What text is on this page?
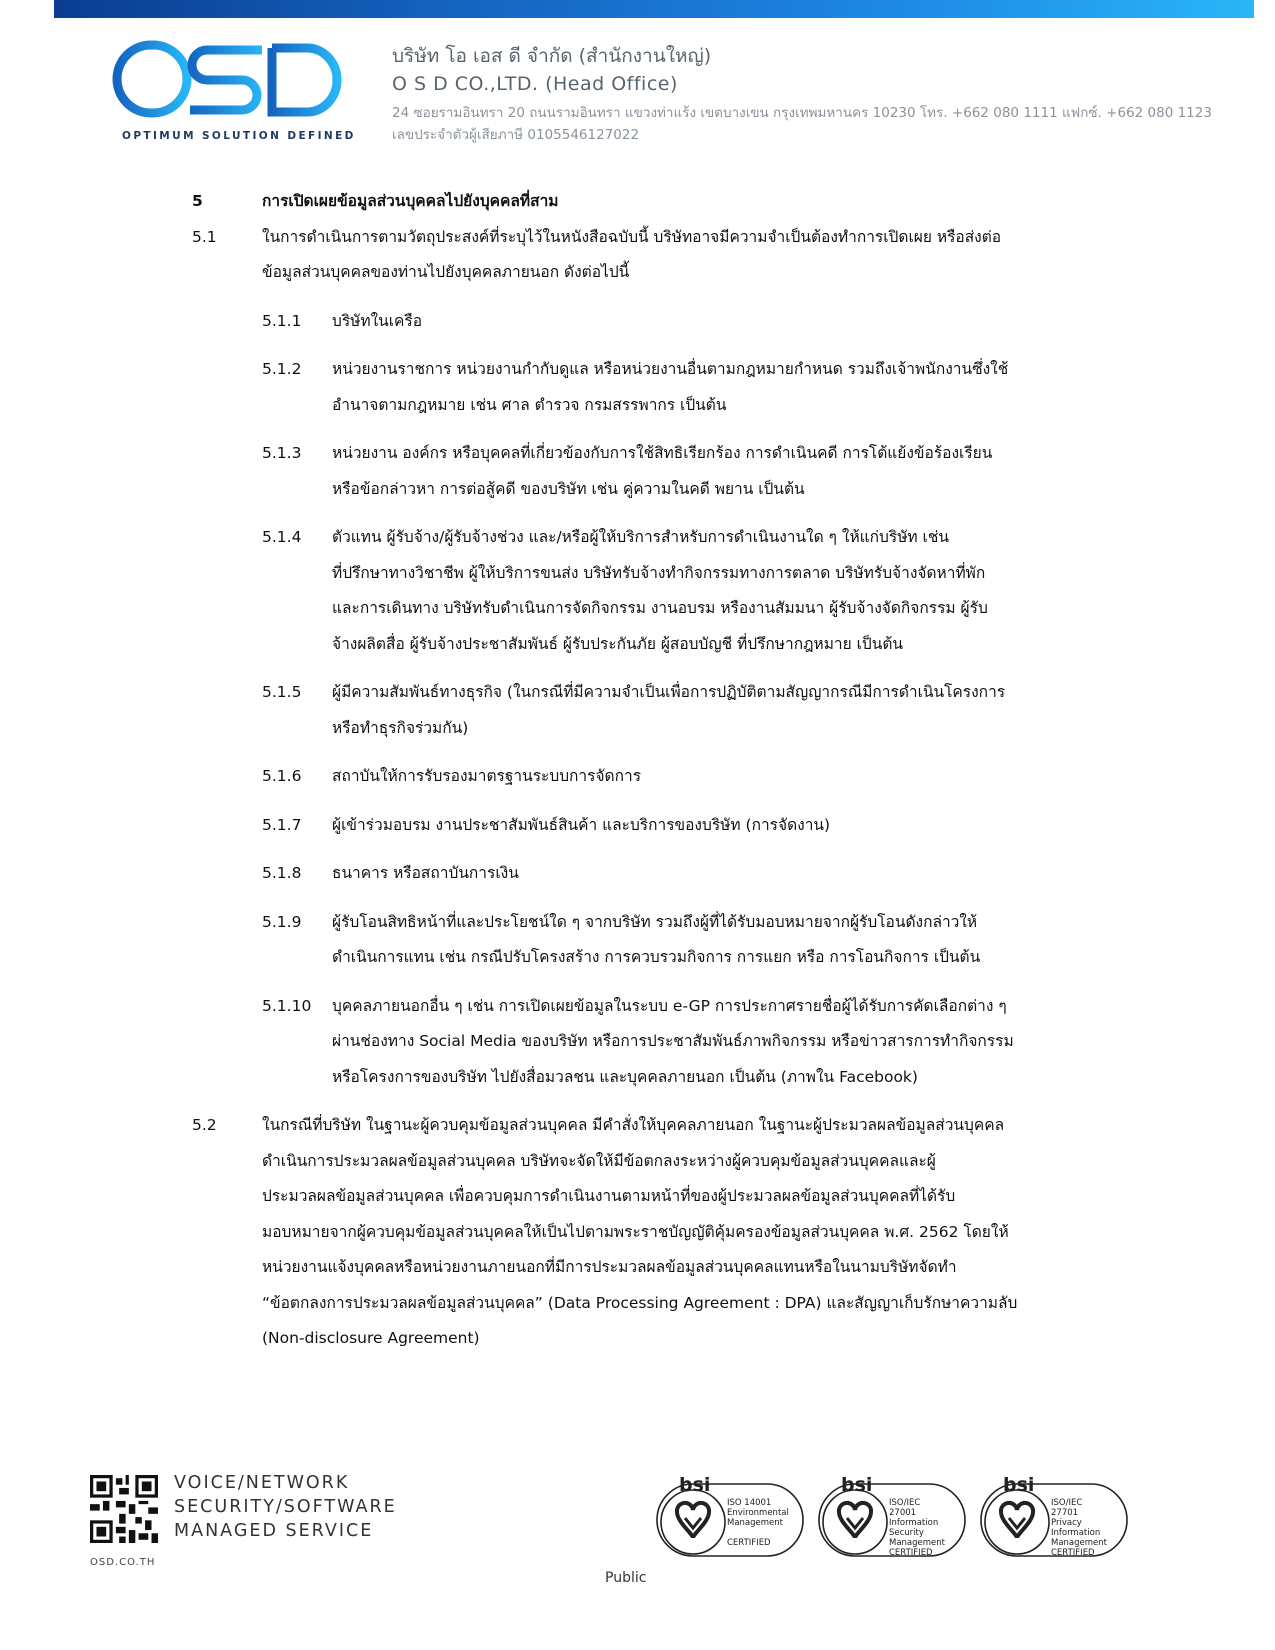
OPTIMUM SOLUTION DEFINED
บริษัท โอ เอส ดี จำกัด (สำนักงานใหญ่)
O S D CO.,LTD. (Head Office)
24 ซอยรามอินทรา 20 ถนนรามอินทรา แขวงท่าแร้ง เขตบางเขน กรุงเทพมหานคร 10230 โทร. +662 080 1111 แฟกซ์. +662 080 1123
เลขประจำตัวผู้เสียภาษี 0105546127022
5	การเปิดเผยข้อมูลส่วนบุคคลไปยังบุคคลที่สาม
5.1	ในการดำเนินการตามวัตถุประสงค์ที่ระบุไว้ในหนังสือฉบับนี้ บริษัทอาจมีความจำเป็นต้องทำการเปิดเผย หรือส่งต่อ
ข้อมูลส่วนบุคคลของท่านไปยังบุคคลภายนอก ดังต่อไปนี้
5.1.1	บริษัทในเครือ
5.1.2	หน่วยงานราชการ หน่วยงานกำกับดูแล หรือหน่วยงานอื่นตามกฎหมายกำหนด รวมถึงเจ้าพนักงานซึ่งใช้
อำนาจตามกฎหมาย เช่น ศาล ตำรวจ กรมสรรพากร เป็นต้น
5.1.3	หน่วยงาน องค์กร หรือบุคคลที่เกี่ยวข้องกับการใช้สิทธิเรียกร้อง การดำเนินคดี การโต้แย้งข้อร้องเรียน
หรือข้อกล่าวหา การต่อสู้คดี ของบริษัท เช่น คู่ความในคดี พยาน เป็นต้น
5.1.4	ตัวแทน ผู้รับจ้าง/ผู้รับจ้างช่วง และ/หรือผู้ให้บริการสำหรับการดำเนินงานใด ๆ ให้แก่บริษัท เช่น
ที่ปรึกษาทางวิชาชีพ ผู้ให้บริการขนส่ง บริษัทรับจ้างทำกิจกรรมทางการตลาด บริษัทรับจ้างจัดหาที่พัก
และการเดินทาง บริษัทรับดำเนินการจัดกิจกรรม งานอบรม หรืองานสัมมนา ผู้รับจ้างจัดกิจกรรม ผู้รับ
จ้างผลิตสื่อ ผู้รับจ้างประชาสัมพันธ์ ผู้รับประกันภัย ผู้สอบบัญชี ที่ปรึกษากฎหมาย เป็นต้น
5.1.5	ผู้มีความสัมพันธ์ทางธุรกิจ (ในกรณีที่มีความจำเป็นเพื่อการปฏิบัติตามสัญญากรณีมีการดำเนินโครงการ
หรือทำธุรกิจร่วมกัน)
5.1.6	สถาบันให้การรับรองมาตรฐานระบบการจัดการ
5.1.7	ผู้เข้าร่วมอบรม งานประชาสัมพันธ์สินค้า และบริการของบริษัท (การจัดงาน)
5.1.8	ธนาคาร หรือสถาบันการเงิน
5.1.9	ผู้รับโอนสิทธิหน้าที่และประโยชน์ใด ๆ จากบริษัท รวมถึงผู้ที่ได้รับมอบหมายจากผู้รับโอนดังกล่าวให้
ดำเนินการแทน เช่น กรณีปรับโครงสร้าง การควบรวมกิจการ การแยก หรือ การโอนกิจการ เป็นต้น
5.1.10	บุคคลภายนอกอื่น ๆ เช่น การเปิดเผยข้อมูลในระบบ e-GP การประกาศรายชื่อผู้ได้รับการคัดเลือกต่าง ๆ
ผ่านช่องทาง Social Media ของบริษัท หรือการประชาสัมพันธ์ภาพกิจกรรม หรือข่าวสารการทำกิจกรรม
หรือโครงการของบริษัท ไปยังสื่อมวลชน และบุคคลภายนอก เป็นต้น (ภาพใน Facebook)
5.2	ในกรณีที่บริษัท ในฐานะผู้ควบคุมข้อมูลส่วนบุคคล มีคำสั่งให้บุคคลภายนอก ในฐานะผู้ประมวลผลข้อมูลส่วนบุคคล
ดำเนินการประมวลผลข้อมูลส่วนบุคคล บริษัทจะจัดให้มีข้อตกลงระหว่างผู้ควบคุมข้อมูลส่วนบุคคลและผู้
ประมวลผลข้อมูลส่วนบุคคล เพื่อควบคุมการดำเนินงานตามหน้าที่ของผู้ประมวลผลข้อมูลส่วนบุคคลที่ได้รับ
มอบหมายจากผู้ควบคุมข้อมูลส่วนบุคคลให้เป็นไปตามพระราชบัญญัติคุ้มครองข้อมูลส่วนบุคคล พ.ศ. 2562 โดยให้
หน่วยงานแจ้งบุคคลหรือหน่วยงานภายนอกที่มีการประมวลผลข้อมูลส่วนบุคคลแทนหรือในนามบริษัทจัดทำ
“ข้อตกลงการประมวลผลข้อมูลส่วนบุคคล” (Data Processing Agreement : DPA) และสัญญาเก็บรักษาความลับ
(Non-disclosure Agreement)
VOICE/NETWORK
SECURITY/SOFTWARE
MANAGED SERVICE
OSD.CO.TH
Public
bsi
ISO 14001
Environmental
Management
CERTIFIED
bsi
ISO/IEC
27001
Information Security
Management
CERTIFIED
bsi
ISO/IEC
27701
Privacy
Information
Management
CERTIFIED
